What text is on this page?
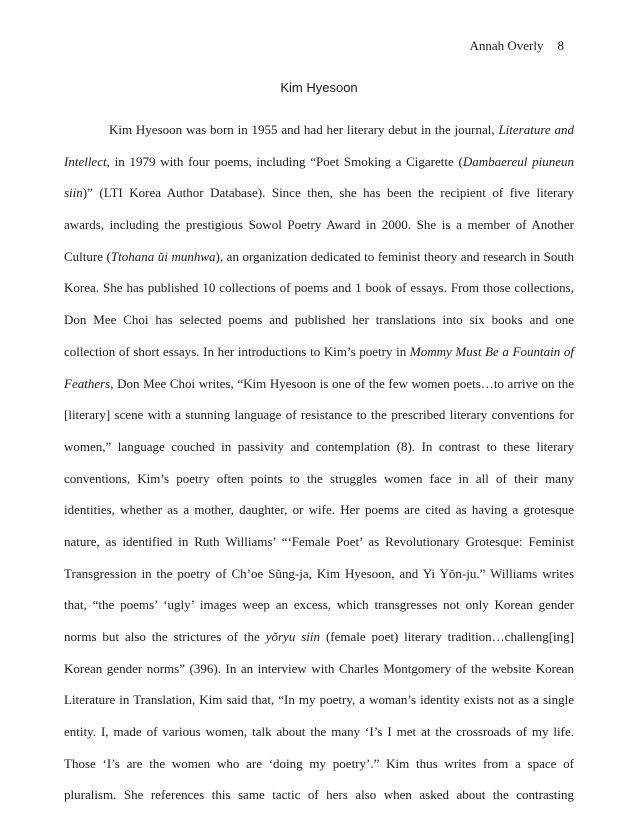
Annah Overly 8
Kim Hyesoon
Kim Hyesoon was born in 1955 and had her literary debut in the journal, Literature and
Intellect, in 1979 with four poems, including “Poet Smoking a Cigarette (Dambaereul piuneun
siin)” (LTI Korea Author Database). Since then, she has been the recipient of five literary
awards, including the prestigious Sowol Poetry Award in 2000. She is a member of Another
Culture (Ttohana ŭi munhwa), an organization dedicated to feminist theory and research in South
Korea. She has published 10 collections of poems and 1 book of essays. From those collections,
Don Mee Choi has selected poems and published her translations into six books and one
collection of short essays. In her introductions to Kim’s poetry in Mommy Must Be a Fountain of
Feathers, Don Mee Choi writes, “Kim Hyesoon is one of the few women poets…to arrive on the
[literary] scene with a stunning language of resistance to the prescribed literary conventions for
women,” language couched in passivity and contemplation (8). In contrast to these literary
conventions, Kim’s poetry often points to the struggles women face in all of their many
identities, whether as a mother, daughter, or wife. Her poems are cited as having a grotesque
nature, as identified in Ruth Williams’ “‘Female Poet’ as Revolutionary Grotesque: Feminist
Transgression in the poetry of Ch’oe Sŭng-ja, Kim Hyesoon, and Yi Yŏn-ju.” Williams writes
that, “the poems’ ‘ugly’ images weep an excess, which transgresses not only Korean gender
norms but also the strictures of the yŏryu siin (female poet) literary tradition…challeng[ing]
Korean gender norms” (396). In an interview with Charles Montgomery of the website Korean
Literature in Translation, Kim said that, “In my poetry, a woman’s identity exists not as a single
entity. I, made of various women, talk about the many ‘I’s I met at the crossroads of my life.
Those ‘I’s are the women who are ‘doing my poetry’.” Kim thus writes from a space of
pluralism. She references this same tactic of hers also when asked about the contrasting
